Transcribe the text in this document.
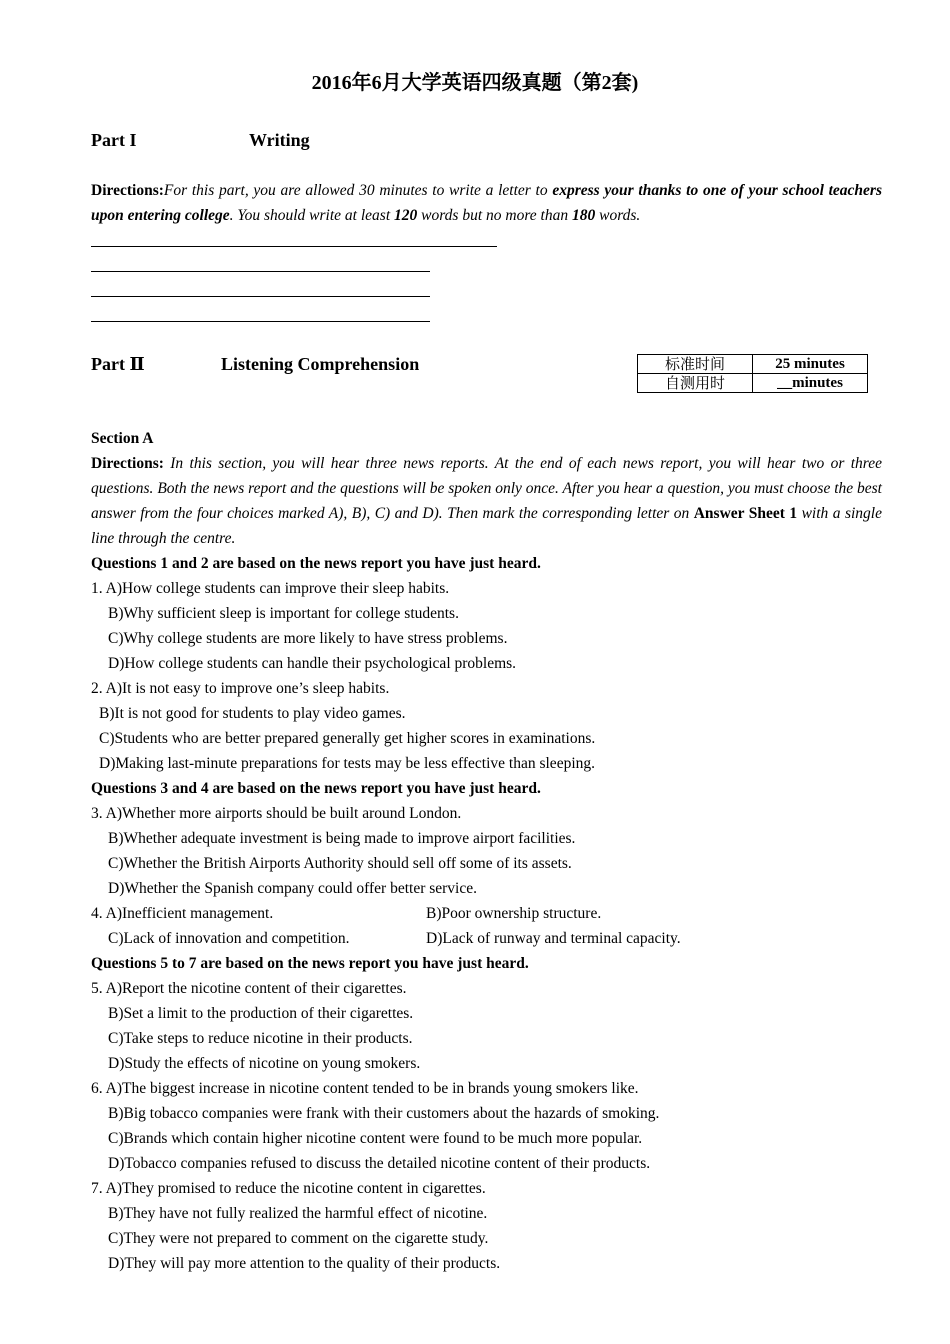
2016年6月大学英语四级真题（第2套)
Part I	Writing
Directions:For this part, you are allowed 30 minutes to write a letter to express your thanks to one of your school teachers upon entering college. You should write at least 120 words but no more than 180 words.
Part Ⅱ	Listening Comprehension	标准时间	25 minutes
自测用时	__minutes
Section A
Directions: In this section, you will hear three news reports. At the end of each news report, you will hear two or three questions. Both the news report and the questions will be spoken only once. After you hear a question, you must choose the best answer from the four choices marked A), B), C) and D). Then mark the corresponding letter on Answer Sheet 1 with a single line through the centre.
Questions 1 and 2 are based on the news report you have just heard.
1. A)How college students can improve their sleep habits.
B)Why sufficient sleep is important for college students.
C)Why college students are more likely to have stress problems.
D)How college students can handle their psychological problems.
2. A)It is not easy to improve one’s sleep habits.
B)It is not good for students to play video games.
C)Students who are better prepared generally get higher scores in examinations.
D)Making last-minute preparations for tests may be less effective than sleeping.
Questions 3 and 4 are based on the news report you have just heard.
3. A)Whether more airports should be built around London.
B)Whether adequate investment is being made to improve airport facilities.
C)Whether the British Airports Authority should sell off some of its assets.
D)Whether the Spanish company could offer better service.
4. A)Inefficient management.	B)Poor ownership structure.
C)Lack of innovation and competition.	D)Lack of runway and terminal capacity.
Questions 5 to 7 are based on the news report you have just heard.
5. A)Report the nicotine content of their cigarettes.
B)Set a limit to the production of their cigarettes.
C)Take steps to reduce nicotine in their products.
D)Study the effects of nicotine on young smokers.
6. A)The biggest increase in nicotine content tended to be in brands young smokers like.
B)Big tobacco companies were frank with their customers about the hazards of smoking.
C)Brands which contain higher nicotine content were found to be much more popular.
D)Tobacco companies refused to discuss the detailed nicotine content of their products.
7. A)They promised to reduce the nicotine content in cigarettes.
B)They have not fully realized the harmful effect of nicotine.
C)They were not prepared to comment on the cigarette study.
D)They will pay more attention to the quality of their products.
